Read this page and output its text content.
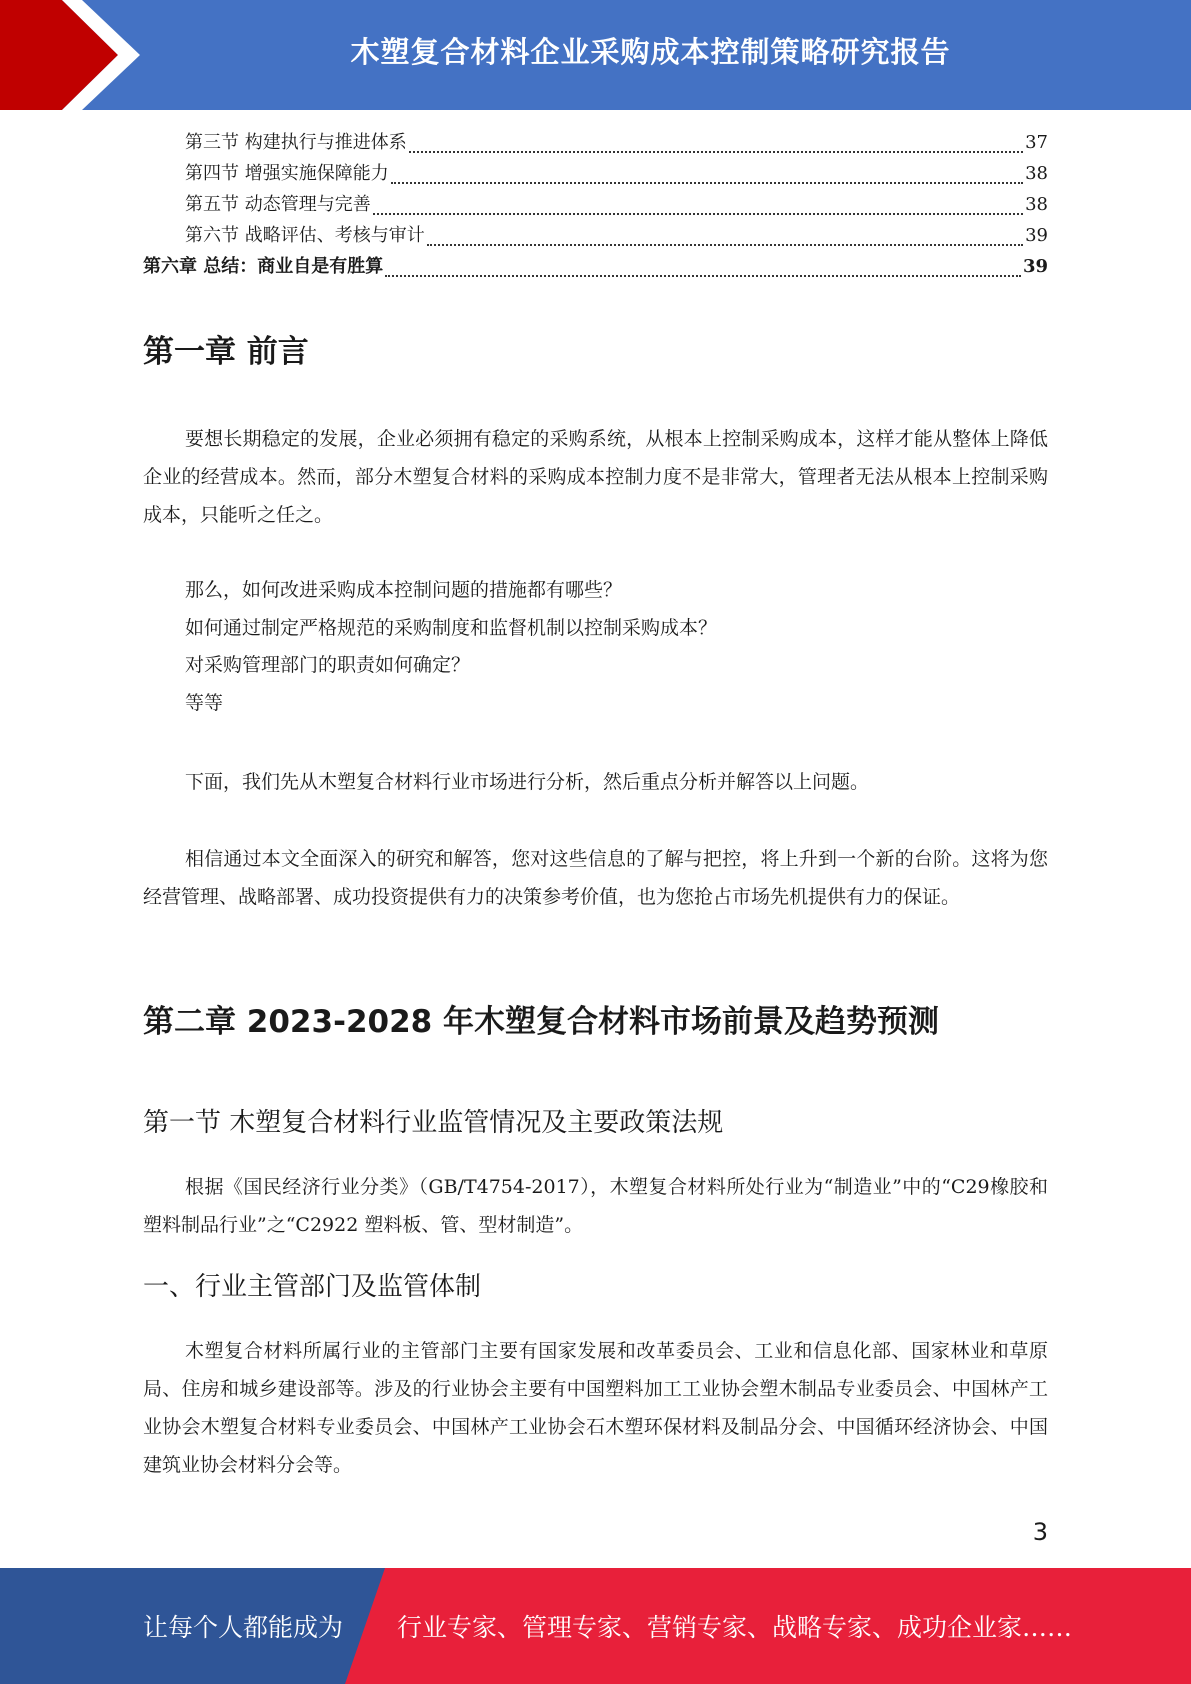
木塑复合材料企业采购成本控制策略研究报告
第三节 构建执行与推进体系	37
第四节 增强实施保障能力	38
第五节 动态管理与完善	38
第六节 战略评估、考核与审计	39
第六章 总结：商业自是有胜算	39
第一章 前言

要想长期稳定的发展，企业必须拥有稳定的采购系统，从根本上控制采购成本，这样才能从整体上降低企业的经营成本。然而，部分木塑复合材料的采购成本控制力度不是非常大，管理者无法从根本上控制采购成本，只能听之任之。

那么，如何改进采购成本控制问题的措施都有哪些？

如何通过制定严格规范的采购制度和监督机制以控制采购成本？

对采购管理部门的职责如何确定？

等等

下面，我们先从木塑复合材料行业市场进行分析，然后重点分析并解答以上问题。

相信通过本文全面深入的研究和解答，您对这些信息的了解与把控，将上升到一个新的台阶。这将为您经营管理、战略部署、成功投资提供有力的决策参考价值，也为您抢占市场先机提供有力的保证。

第二章 2023-2028 年木塑复合材料市场前景及趋势预测
第一节 木塑复合材料行业监管情况及主要政策法规

根据《国民经济行业分类》（GB/T4754-2017），木塑复合材料所处行业为“制造业”中的“C29橡胶和塑料制品行业”之“C2922 塑料板、管、型材制造”。

一、行业主管部门及监管体制

木塑复合材料所属行业的主管部门主要有国家发展和改革委员会、工业和信息化部、国家林业和草原局、住房和城乡建设部等。涉及的行业协会主要有中国塑料加工工业协会塑木制品专业委员会、中国林产工业协会木塑复合材料专业委员会、中国林产工业协会石木塑环保材料及制品分会、中国循环经济协会、中国建筑业协会材料分会等。

3
让每个人都能成为 行业专家、管理专家、营销专家、战略专家、成功企业家……
